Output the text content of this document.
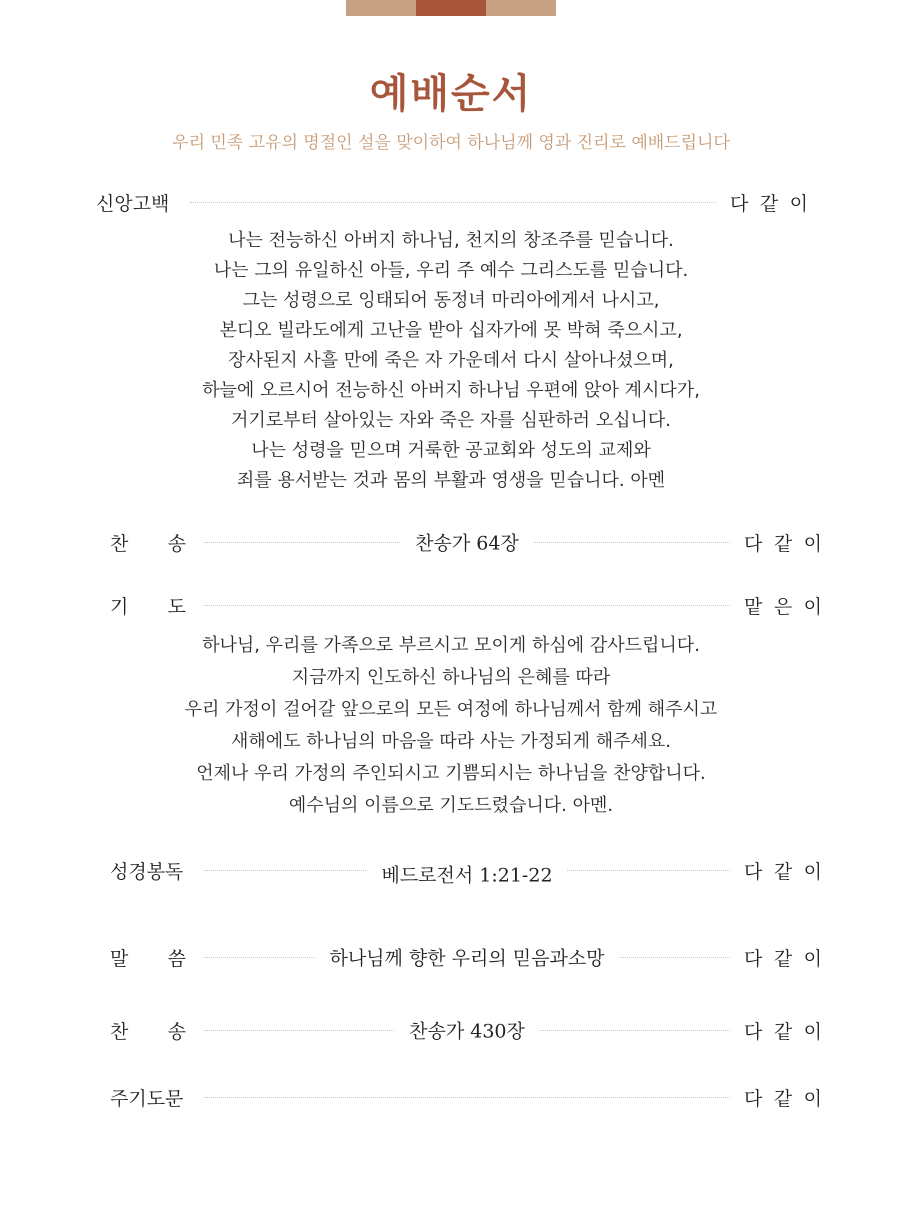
예배순서

우리 민족 고유의 명절인 설을 맞이하여 하나님께 영과 진리로 예배드립니다

신앙고백	다 같 이
나는 전능하신 아버지 하나님, 천지의 창조주를 믿습니다.
나는 그의 유일하신 아들, 우리 주 예수 그리스도를 믿습니다.
그는 성령으로 잉태되어 동정녀 마리아에게서 나시고,
본디오 빌라도에게 고난을 받아 십자가에 못 박혀 죽으시고,
장사된지 사흘 만에 죽은 자 가운데서 다시 살아나셨으며,
하늘에 오르시어 전능하신 아버지 하나님 우편에 앉아 계시다가,
거기로부터 살아있는 자와 죽은 자를 심판하러 오십니다.
나는 성령을 믿으며 거룩한 공교회와 성도의 교제와
죄를 용서받는 것과 몸의 부활과 영생을 믿습니다. 아멘
찬 송	찬송가 64장	다 같 이
기 도	맡 은 이
하나님, 우리를 가족으로 부르시고 모이게 하심에 감사드립니다.
지금까지 인도하신 하나님의 은혜를 따라
우리 가정이 걸어갈 앞으로의 모든 여정에 하나님께서 함께 해주시고
새해에도 하나님의 마음을 따라 사는 가정되게 해주세요.
언제나 우리 가정의 주인되시고 기쁨되시는 하나님을 찬양합니다.
예수님의 이름으로 기도드렸습니다. 아멘.
성경봉독	베드로전서 1:21-22	다 같 이
말 씀	하나님께 향한 우리의 믿음과소망	다 같 이
찬 송	찬송가 430장	다 같 이
주기도문	다 같 이
